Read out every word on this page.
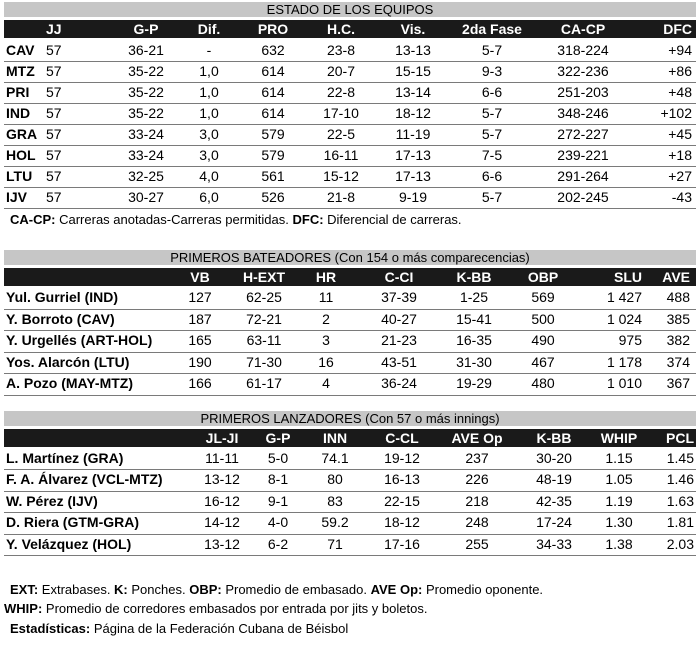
ESTADO DE LOS EQUIPOS
JJ	G-P	Dif.	PRO	H.C.	Vis.	2da Fase	CA-CP	DFC
CAV 57	36-21	-	632	23-8	13-13	5-7	318-224	+94
MTZ 57	35-22	1,0	614	20-7	15-15	9-3	322-236	+86
PRI	57	35-22	1,0	614	22-8	13-14	6-6	251-203	+48
IND	57	35-22	1,0	614	17-10	18-12	5-7	348-246	+102
GRA 57	33-24	3,0	579	22-5	11-19	5-7	272-227	+45
HOL 57	33-24	3,0	579	16-11	17-13	7-5	239-221	+18
LTU 57	32-25	4,0	561	15-12	17-13	6-6	291-264	+27
IJV	57	30-27	6,0	526	21-8	9-19	5-7	202-245	-43
CA-CP: Carreras anotadas-Carreras permitidas. DFC: Diferencial de carreras.
PRIMEROS BATEADORES (Con 154 o más comparecencias)
VB	H-EXT	HR	C-CI	K-BB	OBP	SLU	AVE
Yul. Gurriel (IND)	127	62-25	11	37-39	1-25	569	1 427	488
Y. Borroto (CAV)	187	72-21	2	40-27	15-41	500	1 024	385
Y. Urgellés (ART-HOL)	165	63-11	3	21-23	16-35	490	975	382
Yos. Alarcón (LTU)	190	71-30	16	43-51	31-30	467	1 178	374
A. Pozo (MAY-MTZ)	166	61-17	4	36-24	19-29	480	1 010	367
PRIMEROS LANZADORES (Con 57 o más innings)
JL-JI	G-P	INN	C-CL	AVE Op	K-BB	WHIP	PCL
L. Martínez (GRA)	11-11	5-0	74.1	19-12	237	30-20	1.15	1.45
F. A. Álvarez (VCL-MTZ)	13-12	8-1	80	16-13	226	48-19	1.05	1.46
W. Pérez (IJV)	16-12	9-1	83	22-15	218	42-35	1.19	1.63
D. Riera (GTM-GRA)	14-12	4-0	59.2	18-12	248	17-24	1.30	1.81
Y. Velázquez (HOL)	13-12	6-2	71	17-16	255	34-33	1.38	2.03
EXT: Extrabases. K: Ponches. OBP: Promedio de embasado. AVE Op: Promedio oponente.
WHIP: Promedio de corredores embasados por entrada por jits y boletos.
Estadísticas: Página de la Federación Cubana de Béisbol
